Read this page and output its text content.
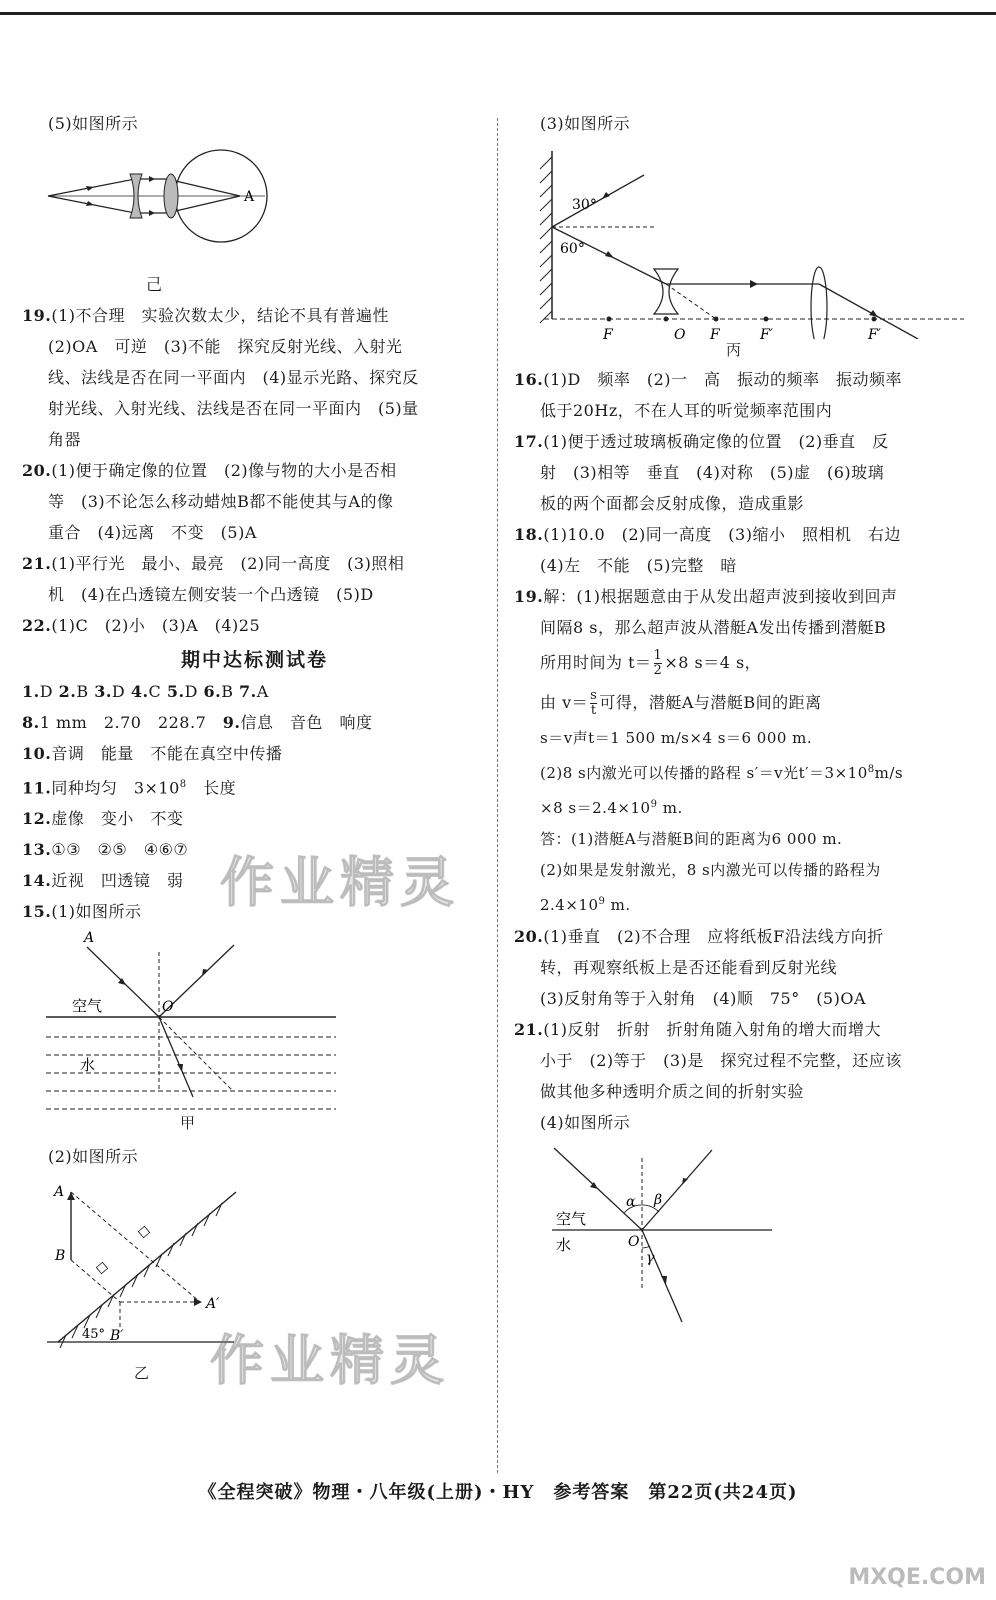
(5)如图所示

A

己

19.(1)不合理　实验次数太少，结论不具有普遍性

(2)OA　可逆　(3)不能　探究反射光线、入射光

线、法线是否在同一平面内　(4)显示光路、探究反

射光线、入射光线、法线是否在同一平面内　(5)量

角器

20.(1)便于确定像的位置　(2)像与物的大小是否相

等　(3)不论怎么移动蜡烛B都不能使其与A的像

重合　(4)远离　不变　(5)A

21.(1)平行光　最小、最亮　(2)同一高度　(3)照相

机　(4)在凸透镜左侧安装一个凸透镜　(5)D

22.(1)C　(2)小　(3)A　(4)25

期中达标测试卷

1.D 2.B 3.D 4.C 5.D 6.B 7.A

8.1 mm　2.70　228.7　 9.信息　音色　响度

10.音调　能量　不能在真空中传播

11.同种均匀　$3\times 10^8$　长度

12.虚像　变小　不变

13.①③　②⑤　④⑥⑦

14.近视　凹透镜　弱

15.(1)如图所示

A
O
空气
水

甲

(2)如图所示

A
B
A′
B′
45°

乙

(3)如图所示

30°
60°
F	O F	F′	F′

丙

16.(1)D　频率　(2)一　高　振动的频率　振动频率

低于20Hz，不在人耳的听觉频率范围内

17.(1)便于透过玻璃板确定像的位置　(2)垂直　反

射　(3)相等　垂直　(4)对称　(5)虚　(6)玻璃

板的两个面都会反射成像，造成重影

18.(1)10.0　(2)同一高度　(3)缩小　照相机　右边

(4)左　不能　(5)完整　暗

19.解：(1)根据题意由于从发出超声波到接收到回声

间隔8 s，那么超声波从潜艇A发出传播到潜艇B

所用时间为 $t= \frac{1}{2} \times 8$ s＝4 s，

由 $v= \frac{s}{t}$ 可得，潜艇A与潜艇B间的距离

s＝v声t＝1 500 m/s×4 s＝6 000 m.

(2)8 s内激光可以传播的路程 s′＝v光$t'=3\times 10^8m/s$

×8 $s=2.4\times 10^9$ m.

答：(1)潜艇A与潜艇B间的距离为6 000 m.

(2)如果是发射激光，8 s内激光可以传播的路程为

$2.4\times 10^9$ m.

20.(1)垂直　(2)不合理　应将纸板F沿法线方向折

转，再观察纸板上是否还能看到反射光线

(3)反射角等于入射角　(4)顺　75°　(5)OA

21.(1)反射　折射　折射角随入射角的增大而增大

小于　(2)等于　(3)是　探究过程不完整，还应该

做其他多种透明介质之间的折射实验

(4)如图所示

α β
γ
O
空气
水
作业精灵
作业精灵
MXQE.COM
《全程突破》物理・八年级(上册)・HY　参考答案　第22页(共24页)
